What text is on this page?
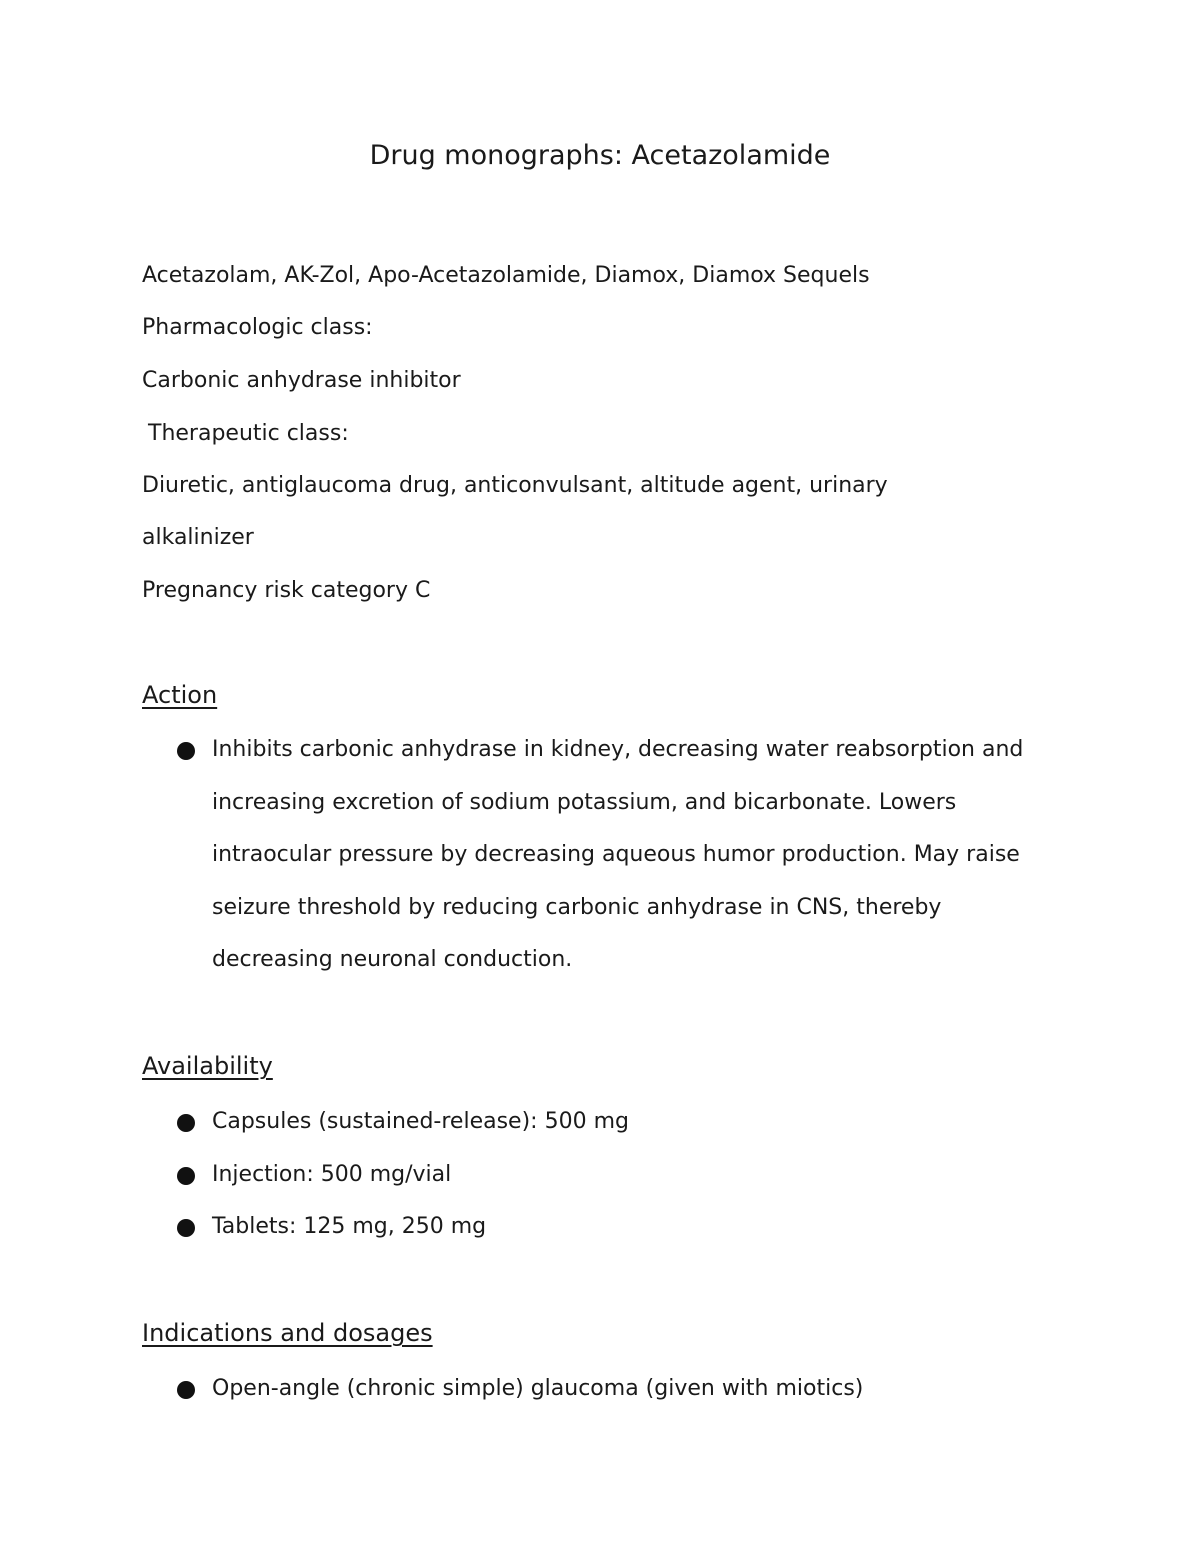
Drug monographs: Acetazolamide

Acetazolam, AK-Zol, Apo-Acetazolamide, Diamox, Diamox Sequels

Pharmacologic class:

Carbonic anhydrase inhibitor

Therapeutic class:

Diuretic, antiglaucoma drug, anticonvulsant, altitude agent, urinary

alkalinizer

Pregnancy risk category C

Action
Inhibits carbonic anhydrase in kidney, decreasing water reabsorption and increasing excretion of sodium potassium, and bicarbonate. Lowers intraocular pressure by decreasing aqueous humor production. May raise seizure threshold by reducing carbonic anhydrase in CNS, thereby decreasing neuronal conduction.
Availability
Capsules (sustained-release): 500 mg
Injection: 500 mg/vial
Tablets: 125 mg, 250 mg
Indications and dosages
Open-angle (chronic simple) glaucoma (given with miotics)
